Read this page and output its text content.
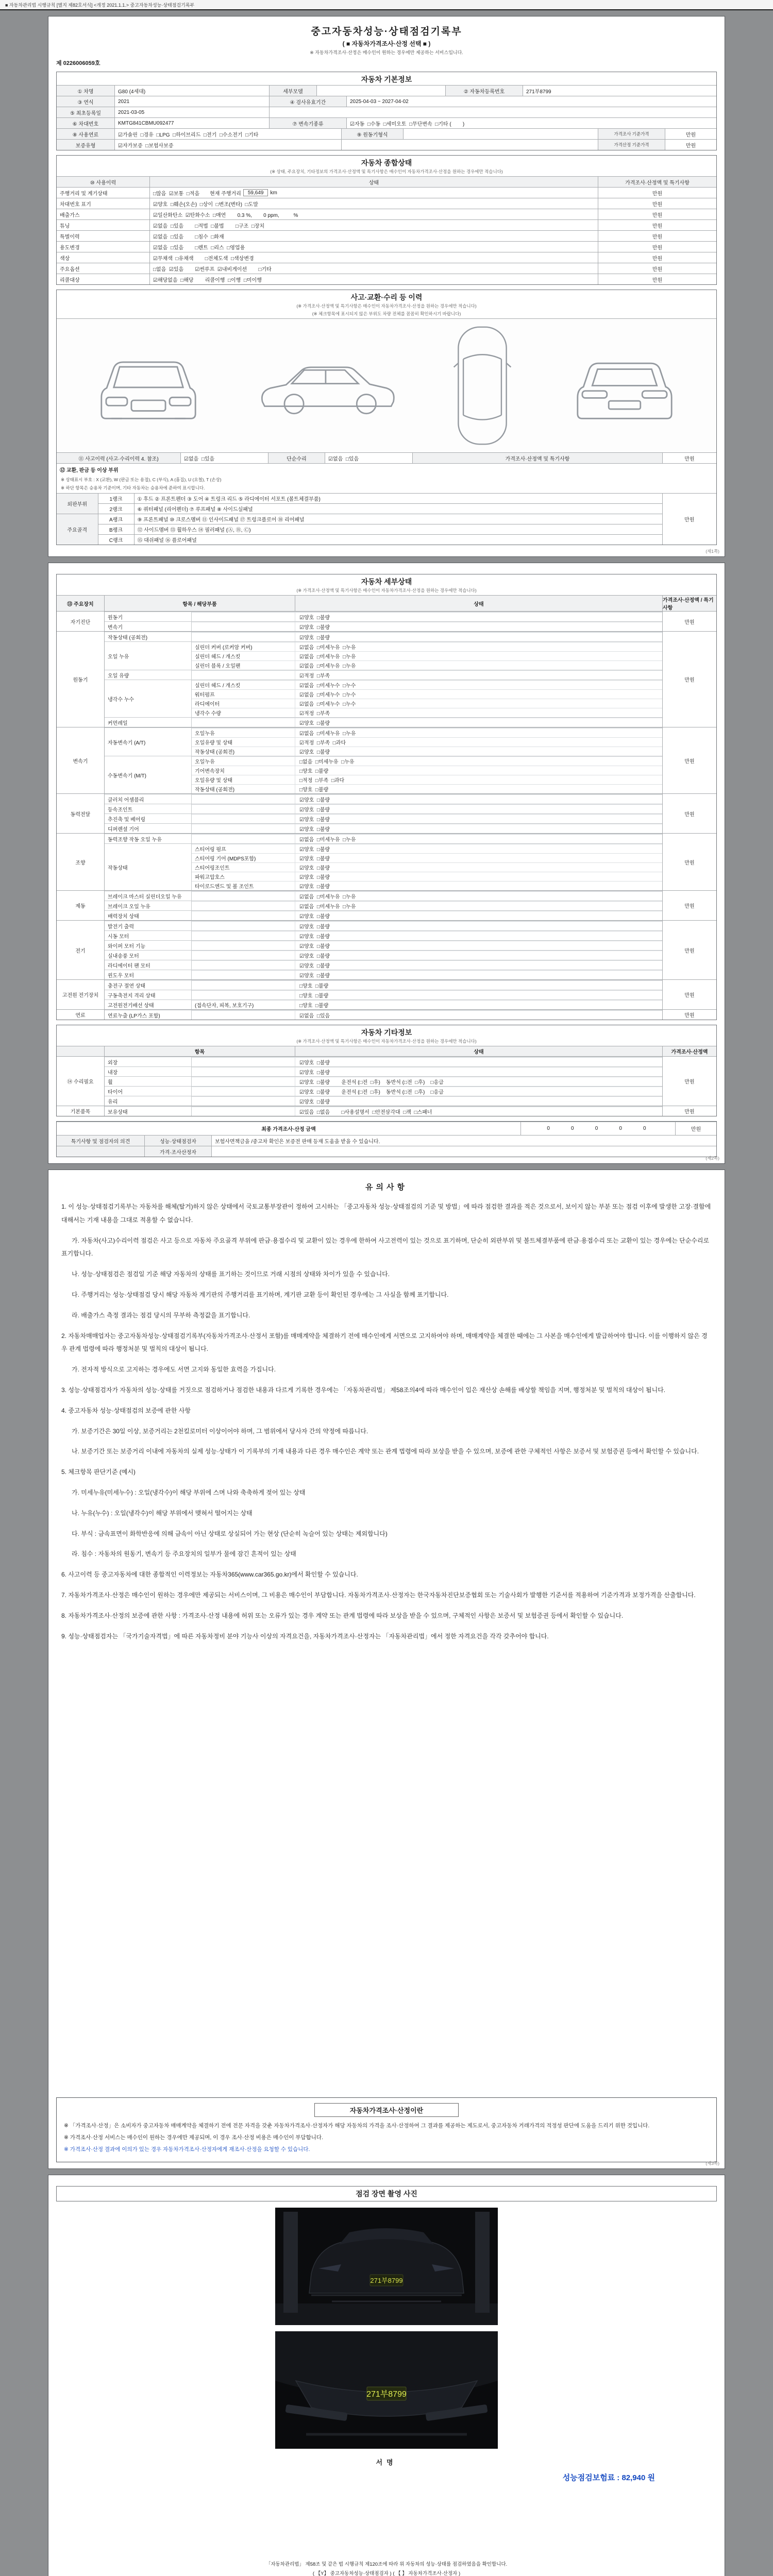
■ 자동차관리법 시행규칙 [별지 제82호서식] <개정 2021.1.1.> 중고자동차성능·상태점검기록부
중고자동차성능·상태점검기록부
( ■ 자동차가격조사·산정 선택 ■ )
※ 자동차가격조사·산정은 매수인이 원하는 경우에만 제공하는 서비스입니다.
제 0226006059호
자동차 기본정보
① 차명	G80 (4세대)	세부모델	② 자동차등록번호	271부8799
③ 연식	2021	④ 검사유효기간	2025-04-03 ~ 2027-04-02
⑤ 최초등록일	2021-03-05
⑥ 차대번호	KMTG841CBMU092477	⑦ 변속기종류	☑자동  □수동  □세미오토  □무단변속  □기타 (        )
⑧ 사용연료	☑가솔린  □경유  □LPG  □하이브리드  □전기  □수소전기  □기타	⑨ 원동기형식	가격조사 기준가격	만원
보증유형	☑자가보증  □보험사보증	가격산정 기준가격	만원
자동차 종합상태
(※ 상태, 주요장치, 기타정보의 가격조사·산정액 및 특기사항은 매수인이 자동차가격조사·산정을 원하는 경우에만 적습니다)
⑩ 사용이력	상태	가격조사·산정액 및 특기사항
주행거리 및 계기상태	□많음  ☑보통  □적음 현재 주행거리	59,649	km	만원
차대번호 표기	☑양호  □훼손(오손)  □상이  □변조(변타)  □도말	만원
배출가스	☑일산화탄소  ☑탄화수소  □매연        0.3 %,        0 ppm,          %	만원
튜닝	☑없음  □있음        □적법  □불법        □구조  □장치	만원
특별이력	☑없음  □있음        □침수  □화재	만원
용도변경	☑없음  □있음        □렌트  □리스  □영업용	만원
색상	☑무채색  □유채색        □전체도색  □색상변경	만원
주요옵션	□없음  ☑있음        ☑썬루프  ☑내비게이션        □기타	만원
리콜대상	☑해당없음  □해당        리콜이행  □이행  □미이행	만원
사고·교환·수리 등 이력
(※ 가격조사·산정액 및 특기사항은 매수인이 자동차가격조사·산정을 원하는 경우에만 적습니다)
(※ 체크항목에 표시되지 않은 부위도 차량 전체를 꼼꼼히 확인하시기 바랍니다)
⑪ 사고이력 (사고·수리이력 4. 참조)	☑없음  □있음	단순수리	☑없음  □있음	가격조사·산정액 및 특기사항	만원
⑫ 교환, 판금 등 이상 부위
※ 상태표시 부호 : X (교환), W (판금 또는 용접), C (부식), A (흠집), U (요철), T (손상)
※ 하단 항목은 승용차 기준이며, 기타 자동차는 승용차에 준하여 표시합니다.
외판부위	1랭크	① 후드 ② 프론트펜더 ③ 도어 ④ 트렁크 리드 ⑤ 라디에이터 서포트 (볼트체결부품)	만원
	2랭크	⑥ 쿼터패널 (리어펜더) ⑦ 루프패널 ⑧ 사이드실패널	
주요골격	A랭크	⑨ 프론트패널 ⑩ 크로스멤버 ⑪ 인사이드패널 ⑰ 트렁크플로어 ⑱ 리어패널	
	B랭크	⑫ 사이드멤버 ⑬ 휠하우스 ⑭ 필러패널 (Ⓐ, Ⓑ, Ⓒ)	
	C랭크	⑮ 대쉬패널 ⑯ 플로어패널	
(제1쪽)
자동차 세부상태
(※ 가격조사·산정액 및 특기사항은 매수인이 자동차가격조사·산정을 원하는 경우에만 적습니다)
⑬ 주요장치	항목 / 해당부품	상태
가격조사·산정액 / 특기사항
자기진단
원동기	☑양호  □불량
변속기	☑양호  □불량
만원
원동기
작동상태 (공회전)	☑양호  □불량
오일 누유
실린더 커버 (로커암 커버)	☑없음  □미세누유  □누유
실린더 헤드 / 개스킷	☑없음  □미세누유  □누유
실린더 블록 / 오일팬	☑없음  □미세누유  □누유
오일 유량	☑적정  □부족
냉각수 누수
실린더 헤드 / 개스킷	☑없음  □미세누수  □누수
워터펌프	☑없음  □미세누수  □누수
라디에이터	☑없음  □미세누수  □누수
냉각수 수량	☑적정  □부족
커먼레일	☑양호  □불량
만원
변속기
자동변속기 (A/T)
오일누유	☑없음  □미세누유  □누유
오일유량 및 상태	☑적정  □부족  □과다
작동상태 (공회전)	☑양호  □불량
수동변속기 (M/T)
오일누유	□없음  □미세누유  □누유
기어변속장치	□양호  □불량
오일유량 및 상태	□적정  □부족  □과다
작동상태 (공회전)	□양호  □불량
만원
동력전달
클러치 어셈블리	☑양호  □불량
등속조인트	☑양호  □불량
추진축 및 베어링	☑양호  □불량
디퍼렌셜 기어	☑양호  □불량
만원
조향
동력조향 작동 오일 누유	☑없음  □미세누유  □누유
작동상태
스티어링 펌프	☑양호  □불량
스티어링 기어 (MDPS포함)	☑양호  □불량
스티어링조인트	☑양호  □불량
파워고압호스	☑양호  □불량
타이로드엔드 및 볼 조인트	☑양호  □불량
만원
제동
브레이크 마스터 실린더오일 누유	☑없음  □미세누유  □누유
브레이크 오일 누유	☑없음  □미세누유  □누유
배력장치 상태	☑양호  □불량
만원
전기
발전기 출력	☑양호  □불량
시동 모터	☑양호  □불량
와이퍼 모터 기능	☑양호  □불량
실내송풍 모터	☑양호  □불량
라디에이터 팬 모터	☑양호  □불량
윈도우 모터	☑양호  □불량
만원
고전원 전기장치
충전구 절연 상태	□양호  □불량
구동축전지 격리 상태	□양호  □불량
고전원전기배선 상태	(접속단자, 피복, 보호기구)	□양호  □불량
만원
연료	연료누출 (LP가스 포함)	☑없음  □있음	만원
자동차 기타정보
(※ 가격조사·산정액 및 특기사항은 매수인이 자동차가격조사·산정을 원하는 경우에만 적습니다)
항목	상태	가격조사·산정액
⑭ 수리필요
외장	☑양호  □불량
내장	☑양호  □불량
휠	☑양호  □불량        운전석 (□전  □후)    동반석 (□전  □후)    □응급
타이어	☑양호  □불량        운전석 (□전  □후)    동반석 (□전  □후)    □응급
유리	☑양호  □불량
만원
기본품목	보유상태	☑있음  □없음        □사용설명서  □안전삼각대  □잭  □스패너	만원
최종 가격조사·산정 금액	0    0    0    0    0	만원
특기사항 및 점검자의 의견	성능·상태점검자	보험사면책금을 /중고차 확인은 보증전 판매 등재 도움을 받을 수 있습니다.
가격·조사산정자
(제2쪽)
유의사항

1. 이 성능·상태점검기록부는 자동차를 해체(탈거)하지 않은 상태에서 국토교통부장관이 정하여 고시하는 「중고자동차 성능·상태점검의 기준 및 방법」에 따라 점검한 결과를 적은 것으로서, 보이지 않는 부분 또는 점검 이후에 발생한 고장·결함에 대해서는 기재 내용을 그대로 적용할 수 없습니다.

가. 자동차(사고)수리이력 점검은 사고 등으로 자동차 주요골격 부위에 판금·용접수리 및 교환이 있는 경우에 한하여 사고전력이 있는 것으로 표기하며, 단순히 외판부위 및 볼트체결부품에 판금·용접수리 또는 교환이 있는 경우에는 단순수리로 표기합니다.

나. 성능·상태점검은 점검일 기준 해당 자동차의 상태를 표기하는 것이므로 거래 시점의 상태와 차이가 있을 수 있습니다.

다. 주행거리는 성능·상태점검 당시 해당 자동차 계기판의 주행거리를 표기하며, 계기판 교환 등이 확인된 경우에는 그 사실을 함께 표기합니다.

라. 배출가스 측정 결과는 점검 당시의 무부하 측정값을 표기합니다.

2. 자동차매매업자는 중고자동차성능·상태점검기록부(자동차가격조사·산정서 포함)를 매매계약을 체결하기 전에 매수인에게 서면으로 고지하여야 하며, 매매계약을 체결한 때에는 그 사본을 매수인에게 발급하여야 합니다. 이를 이행하지 않은 경우 관계 법령에 따라 행정처분 및 벌칙의 대상이 됩니다.

가. 전자적 방식으로 고지하는 경우에도 서면 고지와 동일한 효력을 가집니다.

3. 성능·상태점검자가 자동차의 성능·상태를 거짓으로 점검하거나 점검한 내용과 다르게 기록한 경우에는 「자동차관리법」 제58조의4에 따라 매수인이 입은 재산상 손해를 배상할 책임을 지며, 행정처분 및 벌칙의 대상이 됩니다.

4. 중고자동차 성능·상태점검의 보증에 관한 사항

가. 보증기간은 30일 이상, 보증거리는 2천킬로미터 이상이어야 하며, 그 범위에서 당사자 간의 약정에 따릅니다.

나. 보증기간 또는 보증거리 이내에 자동차의 실제 성능·상태가 이 기록부의 기재 내용과 다른 경우 매수인은 계약 또는 관계 법령에 따라 보상을 받을 수 있으며, 보증에 관한 구체적인 사항은 보증서 및 보험증권 등에서 확인할 수 있습니다.

5. 체크항목 판단기준 (예시)

가. 미세누유(미세누수) : 오일(냉각수)이 해당 부위에 스며 나와 축축하게 젖어 있는 상태

나. 누유(누수) : 오일(냉각수)이 해당 부위에서 맺혀서 떨어지는 상태

다. 부식 : 금속표면이 화학반응에 의해 금속이 아닌 상태로 상실되어 가는 현상 (단순히 녹슬어 있는 상태는 제외합니다)

라. 침수 : 자동차의 원동기, 변속기 등 주요장치의 일부가 물에 잠긴 흔적이 있는 상태

6. 사고이력 등 중고자동차에 대한 종합적인 이력정보는 자동차365(www.car365.go.kr)에서 확인할 수 있습니다.

7. 자동차가격조사·산정은 매수인이 원하는 경우에만 제공되는 서비스이며, 그 비용은 매수인이 부담합니다. 자동차가격조사·산정자는 한국자동차진단보증협회 또는 기술사회가 발행한 기준서를 적용하여 기준가격과 보정가격을 산출합니다.

8. 자동차가격조사·산정의 보증에 관한 사항 : 가격조사·산정 내용에 허위 또는 오류가 있는 경우 계약 또는 관계 법령에 따라 보상을 받을 수 있으며, 구체적인 사항은 보증서 및 보험증권 등에서 확인할 수 있습니다.

9. 성능·상태점검자는 「국가기술자격법」에 따른 자동차정비 분야 기능사 이상의 자격요건을, 자동차가격조사·산정자는 「자동차관리법」에서 정한 자격요건을 각각 갖추어야 합니다.

자동차가격조사·산정이란

※ 「가격조사·산정」은 소비자가 중고자동차 매매계약을 체결하기 전에 전문 자격을 갖춘 자동차가격조사·산정자가 해당 자동차의 가격을 조사·산정하여 그 결과를 제공하는 제도로서, 중고자동차 거래가격의 적정성 판단에 도움을 드리기 위한 것입니다.

※ 가격조사·산정 서비스는 매수인이 원하는 경우에만 제공되며, 이 경우 조사·산정 비용은 매수인이 부담합니다.

※ 가격조사·산정 결과에 이의가 있는 경우 자동차가격조사·산정자에게 재조사·산정을 요청할 수 있습니다.

(제3쪽)
점검 장면 촬영 사진
271부8799
271부8799
서명
성능점검보험료 : 82,940 원

「자동차관리법」 제58조 및 같은 법 시행규칙 제120조에 따라 위 자동차의 성능·상태를 점검하였음을 확인합니다.

( 【Y】 중고자동차성능·상태점검자 ) ( 【 】 자동차가격조사·산정자 )
